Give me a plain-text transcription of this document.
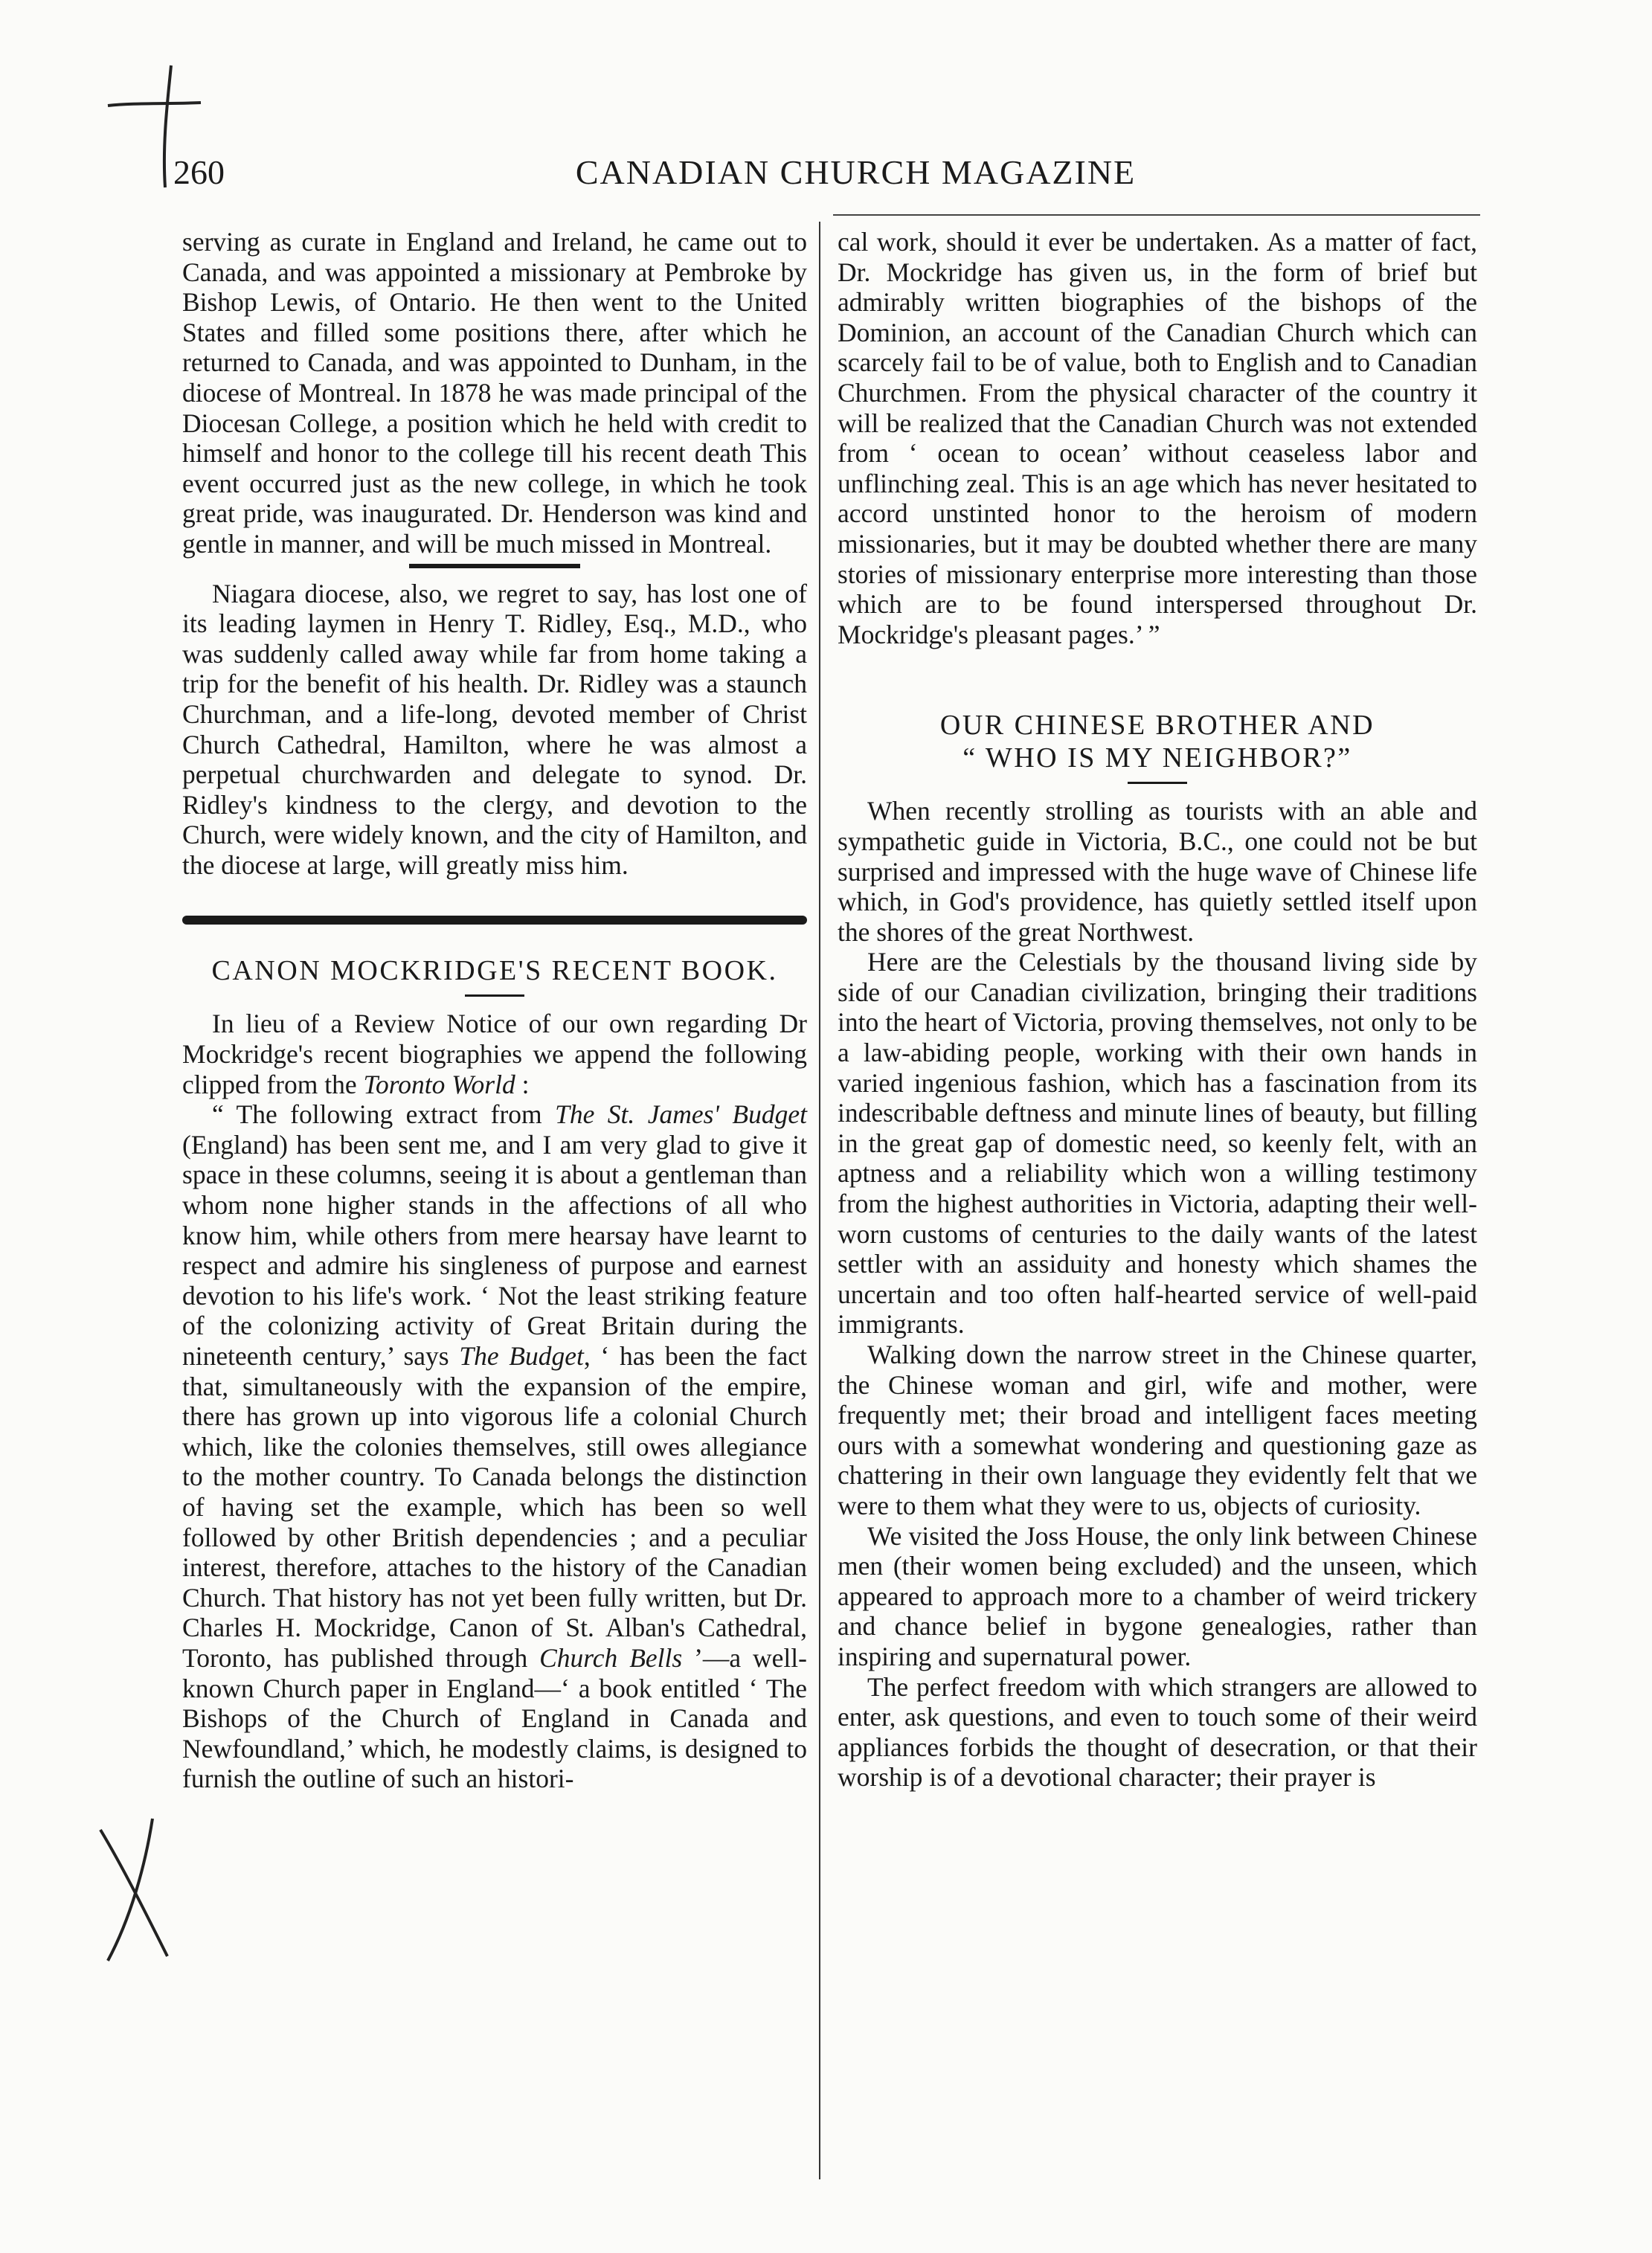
260	CANADIAN CHURCH MAGAZINE

serving as curate in England and Ireland, he came out to Canada, and was appointed a missionary at Pembroke by Bishop Lewis, of Ontario. He then went to the United States and filled some positions there, after which he returned to Canada, and was appointed to Dunham, in the diocese of Montreal. In 1878 he was made principal of the Diocesan College, a position which he held with credit to himself and honor to the college till his recent death This event occurred just as the new college, in which he took great pride, was inaugurated. Dr. Henderson was kind and gentle in manner, and will be much missed in Montreal.

Niagara diocese, also, we regret to say, has lost one of its leading laymen in Henry T. Ridley, Esq., M.D., who was suddenly called away while far from home taking a trip for the benefit of his health. Dr. Ridley was a staunch Churchman, and a life-long, devoted member of Christ Church Cathedral, Hamilton, where he was almost a perpetual churchwarden and delegate to synod. Dr. Ridley's kindness to the clergy, and devotion to the Church, were widely known, and the city of Hamilton, and the diocese at large, will greatly miss him.

CANON MOCKRIDGE'S RECENT BOOK.

In lieu of a Review Notice of our own regarding Dr Mockridge's recent biographies we append the following clipped from the Toronto World :

“ The following extract from The St. James' Budget (England) has been sent me, and I am very glad to give it space in these columns, seeing it is about a gentleman than whom none higher stands in the affections of all who know him, while others from mere hearsay have learnt to respect and admire his singleness of purpose and earnest devotion to his life's work. ‘ Not the least striking feature of the colonizing activity of Great Britain during the nineteenth century,’ says The Budget, ‘ has been the fact that, simultaneously with the expansion of the empire, there has grown up into vigorous life a colonial Church which, like the colonies themselves, still owes allegiance to the mother country. To Canada belongs the distinction of having set the example, which has been so well followed by other British dependencies ; and a peculiar interest, therefore, attaches to the history of the Canadian Church. That history has not yet been fully written, but Dr. Charles H. Mockridge, Canon of St. Alban's Cathedral, Toronto, has published through Church Bells ’—a well-known Church paper in England—‘ a book entitled ‘ The Bishops of the Church of England in Canada and Newfoundland,’ which, he modestly claims, is designed to furnish the outline of such an histori-

cal work, should it ever be undertaken. As a matter of fact, Dr. Mockridge has given us, in the form of brief but admirably written biographies of the bishops of the Dominion, an account of the Canadian Church which can scarcely fail to be of value, both to English and to Canadian Churchmen. From the physical character of the country it will be realized that the Canadian Church was not extended from ‘ ocean to ocean’ without ceaseless labor and unflinching zeal. This is an age which has never hesitated to accord unstinted honor to the heroism of modern missionaries, but it may be doubted whether there are many stories of missionary enterprise more interesting than those which are to be found interspersed throughout Dr. Mockridge's pleasant pages.’ ”

OUR CHINESE BROTHER AND

“ WHO IS MY NEIGHBOR?”

When recently strolling as tourists with an able and sympathetic guide in Victoria, B.C., one could not be but surprised and impressed with the huge wave of Chinese life which, in God's providence, has quietly settled itself upon the shores of the great Northwest.

Here are the Celestials by the thousand living side by side of our Canadian civilization, bringing their traditions into the heart of Victoria, proving themselves, not only to be a law-abiding people, working with their own hands in varied ingenious fashion, which has a fascination from its indescribable deftness and minute lines of beauty, but filling in the great gap of domestic need, so keenly felt, with an aptness and a reliability which won a willing testimony from the highest authorities in Victoria, adapting their well-worn customs of centuries to the daily wants of the latest settler with an assiduity and honesty which shames the uncertain and too often half-hearted service of well-paid immigrants.

Walking down the narrow street in the Chinese quarter, the Chinese woman and girl, wife and mother, were frequently met; their broad and intelligent faces meeting ours with a somewhat wondering and questioning gaze as chattering in their own language they evidently felt that we were to them what they were to us, objects of curiosity.

We visited the Joss House, the only link between Chinese men (their women being excluded) and the unseen, which appeared to approach more to a chamber of weird trickery and chance belief in bygone genealogies, rather than inspiring and supernatural power.

The perfect freedom with which strangers are allowed to enter, ask questions, and even to touch some of their weird appliances forbids the thought of desecration, or that their worship is of a devotional character; their prayer is
